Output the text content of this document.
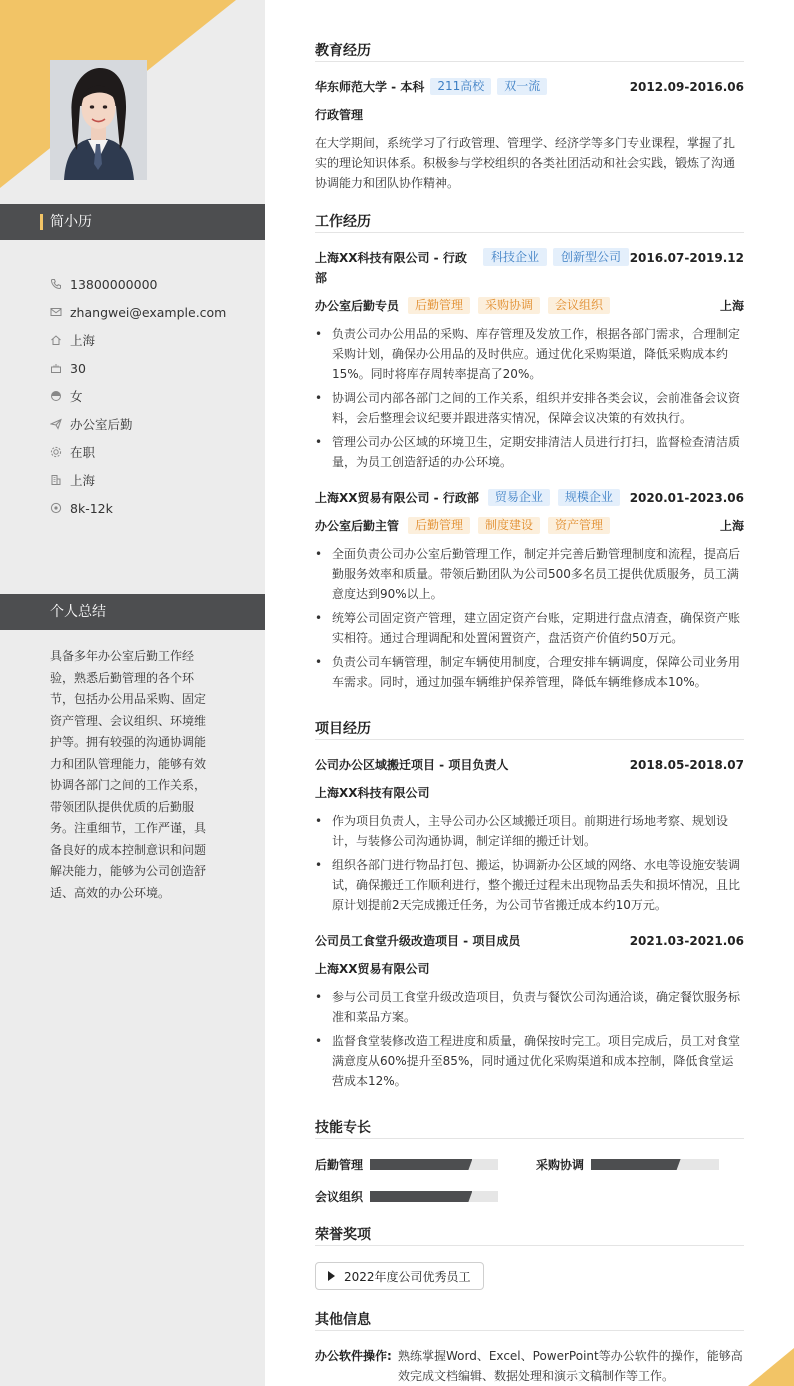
简小历
13800000000
zhangwei@example.com
上海
30
女
办公室后勤
在职
上海
8k-12k
个人总结

具备多年办公室后勤工作经验，熟悉后勤管理的各个环节，包括办公用品采购、固定资产管理、会议组织、环境维护等。拥有较强的沟通协调能力和团队管理能力，能够有效协调各部门之间的工作关系，带领团队提供优质的后勤服务。注重细节，工作严谨，具备良好的成本控制意识和问题解决能力，能够为公司创造舒适、高效的办公环境。

教育经历
华东师范大学 - 本科	211高校	双一流	2012.09-2016.06
行政管理

在大学期间，系统学习了行政管理、管理学、经济学等多门专业课程，掌握了扎实的理论知识体系。积极参与学校组织的各类社团活动和社会实践，锻炼了沟通协调能力和团队协作精神。

工作经历
上海XX科技有限公司 - 行政部
科技企业	创新型公司 2016.07-2019.12
办公室后勤专员	后勤管理	采购协调	会议组织	上海
• 负责公司办公用品的采购、库存管理及发放工作，根据各部门需求，合理制定采购计划，确保办公用品的及时供应。通过优化采购渠道，降低采购成本约15%。同时将库存周转率提高了20%。
• 协调公司内部各部门之间的工作关系，组织并安排各类会议，会前准备会议资料，会后整理会议纪要并跟进落实情况，保障会议决策的有效执行。
• 管理公司办公区域的环境卫生，定期安排清洁人员进行打扫，监督检查清洁质量，为员工创造舒适的办公环境。
上海XX贸易有限公司 - 行政部	贸易企业	规模企业	2020.01-2023.06
办公室后勤主管	后勤管理	制度建设	资产管理	上海
• 全面负责公司办公室后勤管理工作，制定并完善后勤管理制度和流程，提高后勤服务效率和质量。带领后勤团队为公司500多名员工提供优质服务，员工满意度达到90%以上。
• 统筹公司固定资产管理，建立固定资产台账，定期进行盘点清查，确保资产账实相符。通过合理调配和处置闲置资产，盘活资产价值约50万元。
• 负责公司车辆管理，制定车辆使用制度，合理安排车辆调度，保障公司业务用车需求。同时，通过加强车辆维护保养管理，降低车辆维修成本10%。
项目经历
公司办公区域搬迁项目 - 项目负责人	2018.05-2018.07
上海XX科技有限公司
• 作为项目负责人，主导公司办公区域搬迁项目。前期进行场地考察、规划设计，与装修公司沟通协调，制定详细的搬迁计划。
• 组织各部门进行物品打包、搬运，协调新办公区域的网络、水电等设施安装调试，确保搬迁工作顺利进行，整个搬迁过程未出现物品丢失和损坏情况，且比原计划提前2天完成搬迁任务，为公司节省搬迁成本约10万元。
公司员工食堂升级改造项目 - 项目成员	2021.03-2021.06
上海XX贸易有限公司
• 参与公司员工食堂升级改造项目，负责与餐饮公司沟通洽谈，确定餐饮服务标准和菜品方案。
• 监督食堂装修改造工程进度和质量，确保按时完工。项目完成后，员工对食堂满意度从60%提升至85%，同时通过优化采购渠道和成本控制，降低食堂运营成本12%。
技能专长
后勤管理	采购协调
会议组织
荣誉奖项
2022年度公司优秀员工
其他信息
办公软件操作: 熟练掌握Word、Excel、PowerPoint等办公软件的操作，能够高效完成文档编辑、数据处理和演示文稿制作等工作。
